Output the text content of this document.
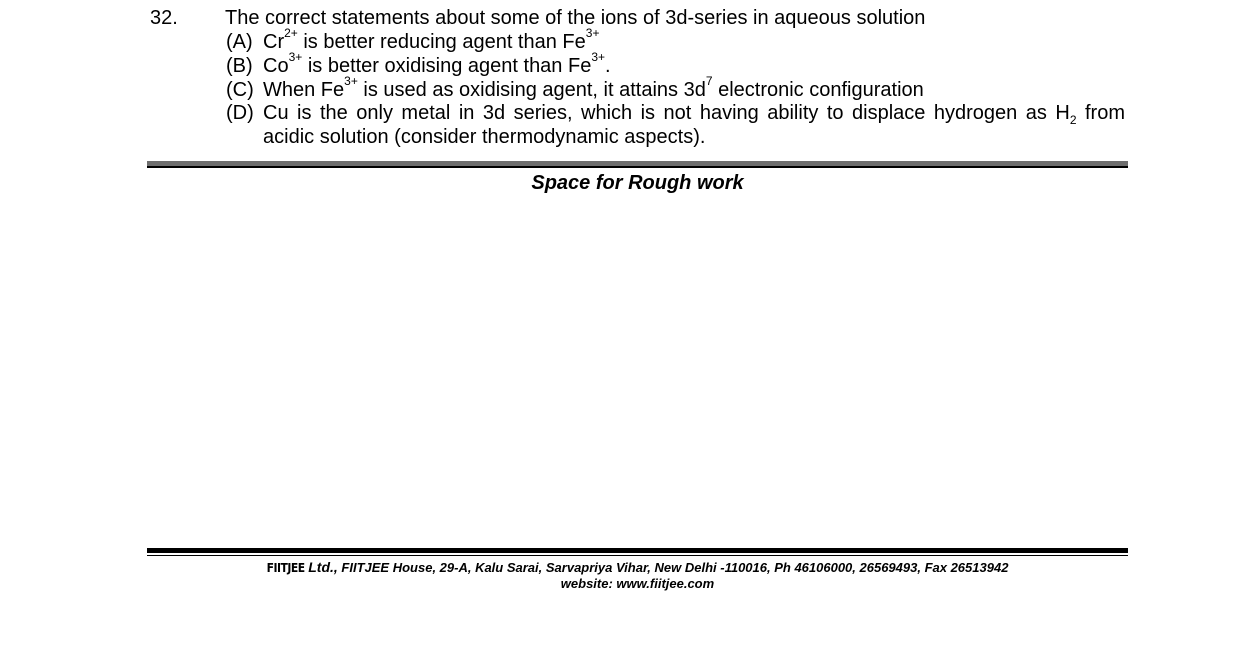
32. The correct statements about some of the ions of 3d-series in aqueous solution
(A) $Cr^{2+}$ is better reducing agent than $Fe^{3+}$
(B) $Co^{3+}$ is better oxidising agent than $Fe^{3+}$.
(C) When $Fe^{3+}$ is used as oxidising agent, it attains $3d^7$ electronic configuration
(D) Cu is the only metal in 3d series, which is not having ability to displace hydrogen as $H_2$ from
acidic solution (consider thermodynamic aspects).
Space for Rough work
FIITJEE Ltd., FIITJEE House, 29-A, Kalu Sarai, Sarvapriya Vihar, New Delhi -110016, Ph 46106000, 26569493, Fax 26513942
website: www.fiitjee.com
